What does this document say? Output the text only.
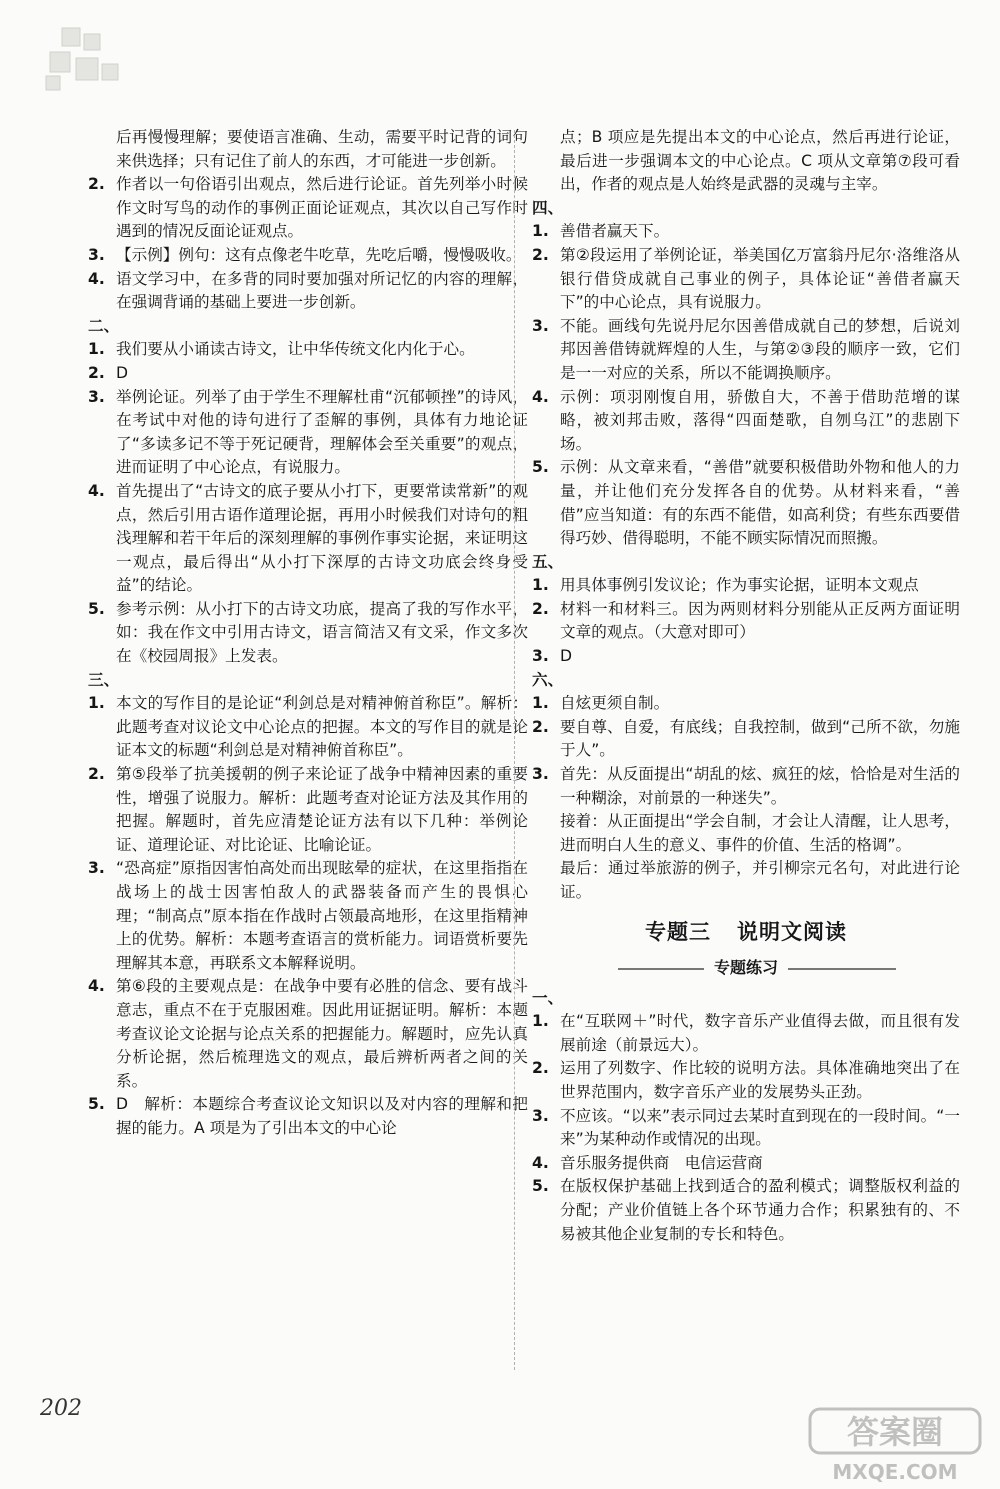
后再慢慢理解；要使语言准确、生动，需要平时记背的词句来供选择；只有记住了前人的东西，才可能进一步创新。
2. 作者以一句俗语引出观点，然后进行论证。首先列举小时候作文时写鸟的动作的事例正面论证观点，其次以自己写作时遇到的情况反面论证观点。
3. 【示例】例句：这有点像老牛吃草，先吃后嚼，慢慢吸收。
4. 语文学习中，在多背的同时要加强对所记忆的内容的理解，在强调背诵的基础上要进一步创新。
二、
1. 我们要从小诵读古诗文，让中华传统文化内化于心。
2. D
3. 举例论证。列举了由于学生不理解杜甫“沉郁顿挫”的诗风，在考试中对他的诗句进行了歪解的事例，具体有力地论证了“多读多记不等于死记硬背，理解体会至关重要”的观点，进而证明了中心论点，有说服力。
4. 首先提出了“古诗文的底子要从小打下，更要常读常新”的观点，然后引用古语作道理论据，再用小时候我们对诗句的粗浅理解和若干年后的深刻理解的事例作事实论据，来证明这一观点，最后得出“从小打下深厚的古诗文功底会终身受益”的结论。
5. 参考示例：从小打下的古诗文功底，提高了我的写作水平，如：我在作文中引用古诗文，语言简洁又有文采，作文多次在《校园周报》上发表。
三、
1. 本文的写作目的是论证“利剑总是对精神俯首称臣”。解析：此题考查对议论文中心论点的把握。本文的写作目的就是论证本文的标题“利剑总是对精神俯首称臣”。
2. 第⑤段举了抗美援朝的例子来论证了战争中精神因素的重要性，增强了说服力。解析：此题考查对论证方法及其作用的把握。解题时，首先应清楚论证方法有以下几种：举例论证、道理论证、对比论证、比喻论证。
3. “恐高症”原指因害怕高处而出现眩晕的症状，在这里指指在战场上的战士因害怕敌人的武器装备而产生的畏惧心理；“制高点”原本指在作战时占领最高地形，在这里指精神上的优势。解析：本题考查语言的赏析能力。词语赏析要先理解其本意，再联系文本解释说明。
4. 第⑥段的主要观点是：在战争中要有必胜的信念、要有战斗意志，重点不在于克服困难。因此用证据证明。解析：本题考查议论文论据与论点关系的把握能力。解题时，应先认真分析论据，然后梳理选文的观点，最后辨析两者之间的关系。
5. D　解析：本题综合考查议论文知识以及对内容的理解和把握的能力。A 项是为了引出本文的中心论
点；B 项应是先提出本文的中心论点，然后再进行论证，最后进一步强调本文的中心论点。C 项从文章第⑦段可看出，作者的观点是人始终是武器的灵魂与主宰。
四、
1. 善借者赢天下。
2. 第②段运用了举例论证，举美国亿万富翁丹尼尔·洛维洛从银行借贷成就自己事业的例子，具体论证“善借者赢天下”的中心论点，具有说服力。
3. 不能。画线句先说丹尼尔因善借成就自己的梦想，后说刘邦因善借铸就辉煌的人生，与第②③段的顺序一致，它们是一一对应的关系，所以不能调换顺序。
4. 示例：项羽刚愎自用，骄傲自大，不善于借助范增的谋略，被刘邦击败，落得“四面楚歌，自刎乌江”的悲剧下场。
5. 示例：从文章来看，“善借”就要积极借助外物和他人的力量，并让他们充分发挥各自的优势。从材料来看，“善借”应当知道：有的东西不能借，如高利贷；有些东西要借得巧妙、借得聪明，不能不顾实际情况而照搬。
五、
1. 用具体事例引发议论；作为事实论据，证明本文观点
2. 材料一和材料三。因为两则材料分别能从正反两方面证明文章的观点。（大意对即可）
3. D
六、
1. 自炫更须自制。
2. 要自尊、自爱，有底线；自我控制，做到“己所不欲，勿施于人”。
3. 首先：从反面提出“胡乱的炫、疯狂的炫，恰恰是对生活的一种糊涂，对前景的一种迷失”。
接着：从正面提出“学会自制，才会让人清醒，让人思考，进而明白人生的意义、事件的价值、生活的格调”。
最后：通过举旅游的例子，并引柳宗元名句，对此进行论证。
专题三 说明文阅读
专题练习
一、
1. 在“互联网＋”时代，数字音乐产业值得去做，而且很有发展前途（前景远大）。
2. 运用了列数字、作比较的说明方法。具体准确地突出了在世界范围内，数字音乐产业的发展势头正劲。
3. 不应该。“以来”表示同过去某时直到现在的一段时间。“一来”为某种动作或情况的出现。
4. 音乐服务提供商　电信运营商
5. 在版权保护基础上找到适合的盈利模式；调整版权利益的分配；产业价值链上各个环节通力合作；积累独有的、不易被其他企业复制的专长和特色。
202
答案圈
MXQE.COM
